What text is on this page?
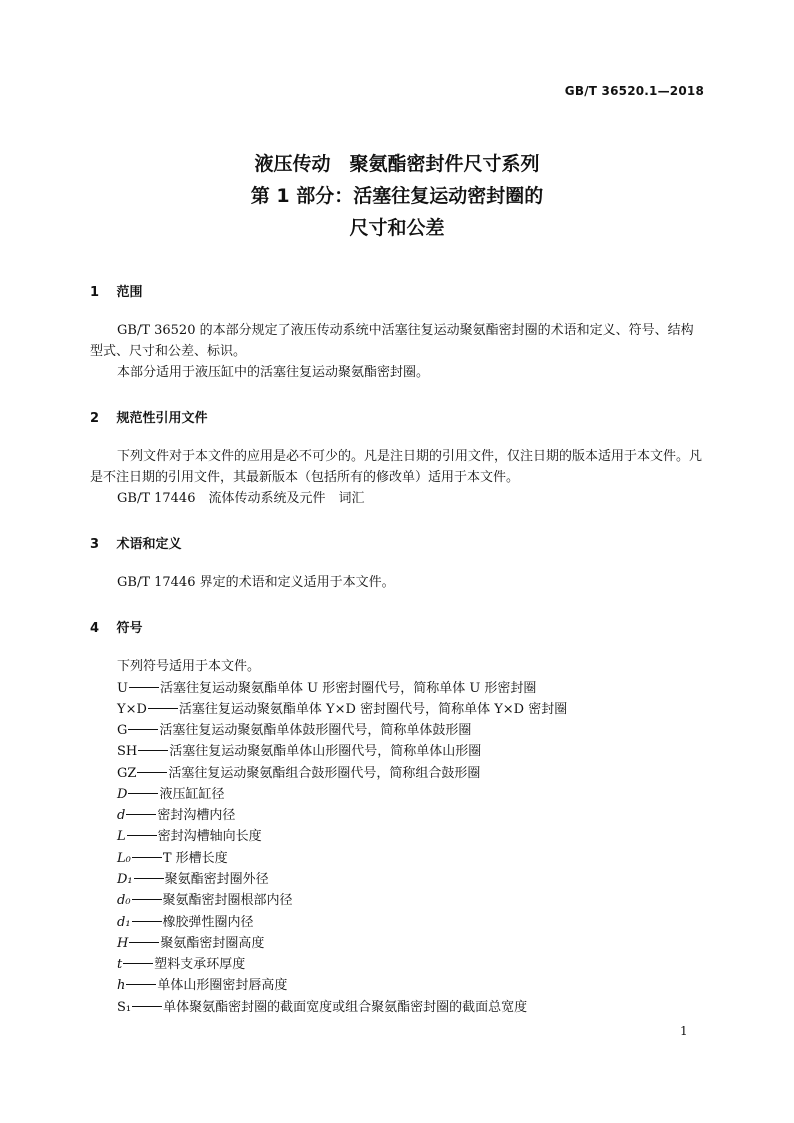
GB/T 36520.1—2018
液压传动　聚氨酯密封件尺寸系列
第 1 部分：活塞往复运动密封圈的
尺寸和公差
1 范围
GB/T 36520 的本部分规定了液压传动系统中活塞往复运动聚氨酯密封圈的术语和定义、符号、结构型式、尺寸和公差、标识。
本部分适用于液压缸中的活塞往复运动聚氨酯密封圈。
2 规范性引用文件
下列文件对于本文件的应用是必不可少的。凡是注日期的引用文件，仅注日期的版本适用于本文件。凡是不注日期的引用文件，其最新版本（包括所有的修改单）适用于本文件。
GB/T 17446　流体传动系统及元件　词汇
3 术语和定义
GB/T 17446 界定的术语和定义适用于本文件。
4 符号
下列符号适用于本文件。
U 活塞往复运动聚氨酯单体 U 形密封圈代号，简称单体 U 形密封圈
Y×D 活塞往复运动聚氨酯单体 Y×D 密封圈代号，简称单体 Y×D 密封圈
G 活塞往复运动聚氨酯单体鼓形圈代号，简称单体鼓形圈
SH 活塞往复运动聚氨酯单体山形圈代号，简称单体山形圈
GZ 活塞往复运动聚氨酯组合鼓形圈代号，简称组合鼓形圈
D 液压缸缸径
d 密封沟槽内径
L 密封沟槽轴向长度
L₀ T 形槽长度
D₁ 聚氨酯密封圈外径
d₀ 聚氨酯密封圈根部内径
d₁ 橡胶弹性圈内径
H 聚氨酯密封圈高度
t 塑料支承环厚度
h 单体山形圈密封唇高度
S₁ 单体聚氨酯密封圈的截面宽度或组合聚氨酯密封圈的截面总宽度
1
